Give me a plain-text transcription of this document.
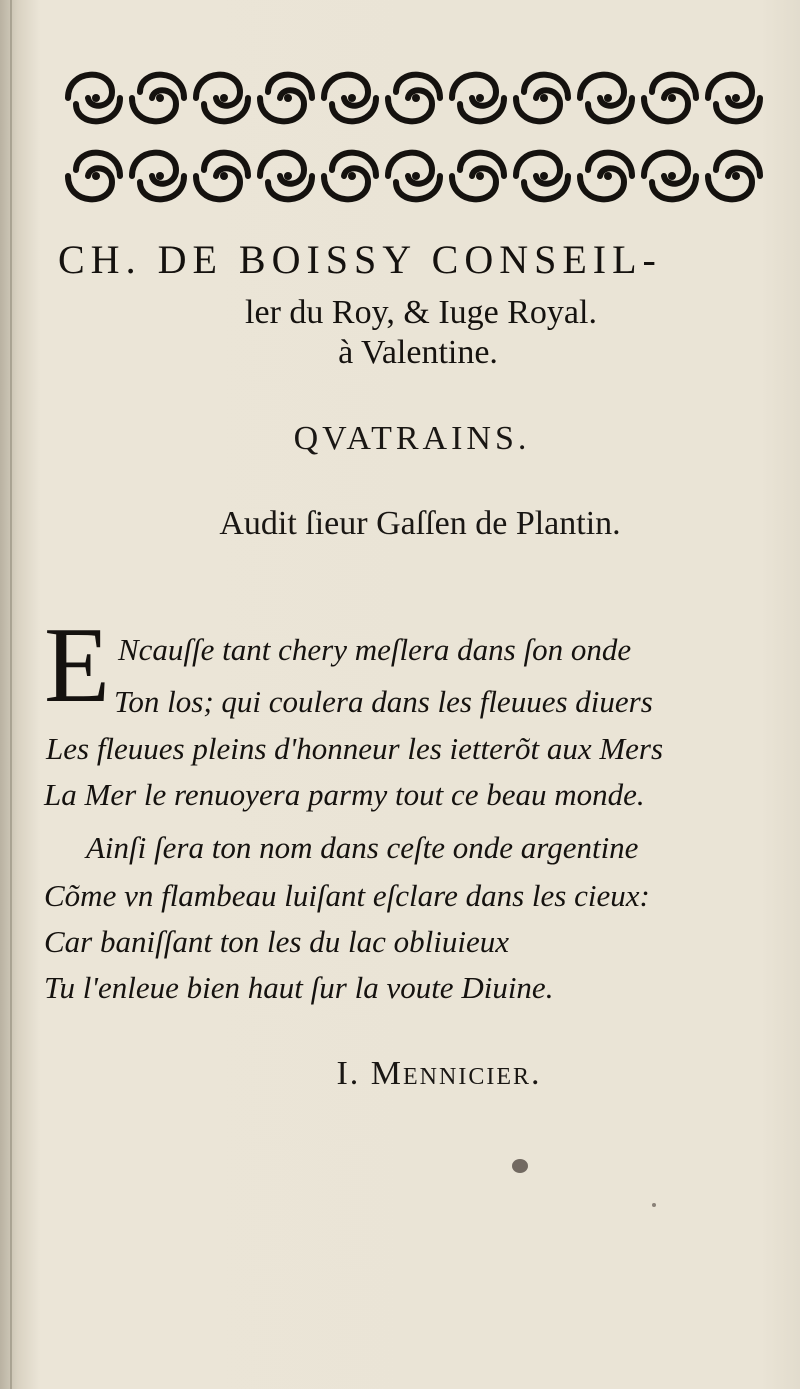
CH. DE BOISSY CONSEIL-
ler du Roy, & Iuge Royal.
à Valentine.
QVATRAINS.
Audit ſieur Gaſſen de Plantin.
E Ncauſſe tant chery meſlera dans ſon onde
Ton los; qui coulera dans les fleuues diuers
Les fleuues pleins d'honneur les ietterõt aux Mers
La Mer le renuoyera parmy tout ce beau monde.
Ainſi ſera ton nom dans ceſte onde argentine
Cõme vn flambeau luiſant eſclare dans les cieux:
Car baniſſant ton les du lac obliuieux
Tu l'enleue bien haut ſur la voute Diuine.
I. Mennicier.
